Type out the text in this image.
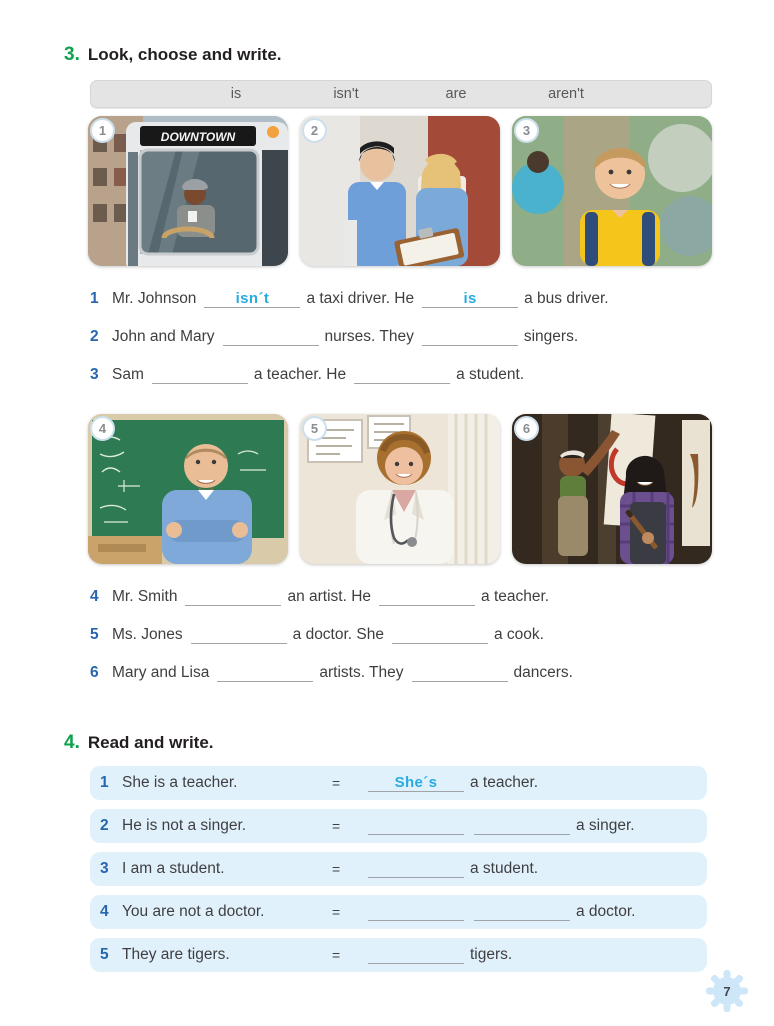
3. Look, choose and write.
is	isn't	are	aren't
1	DOWNTOWN	2	3
1 Mr. Johnson	isn´t	a taxi driver. He	is	a bus driver.
2 John and Mary	nurses. They	singers.
3 Sam	a teacher. He	a student.
4	5	6
4 Mr. Smith	an artist. He	a teacher.
5 Ms. Jones	a doctor. She	a cook.
6 Mary and Lisa	artists. They	dancers.
4. Read and write.
1 She is a teacher.	=	She´s	a teacher.
2 He is not a singer.	=	a singer.
3 I am a student.	=	a student.
4 You are not a doctor.	=	a doctor.
5 They are tigers.	=	tigers.
7
